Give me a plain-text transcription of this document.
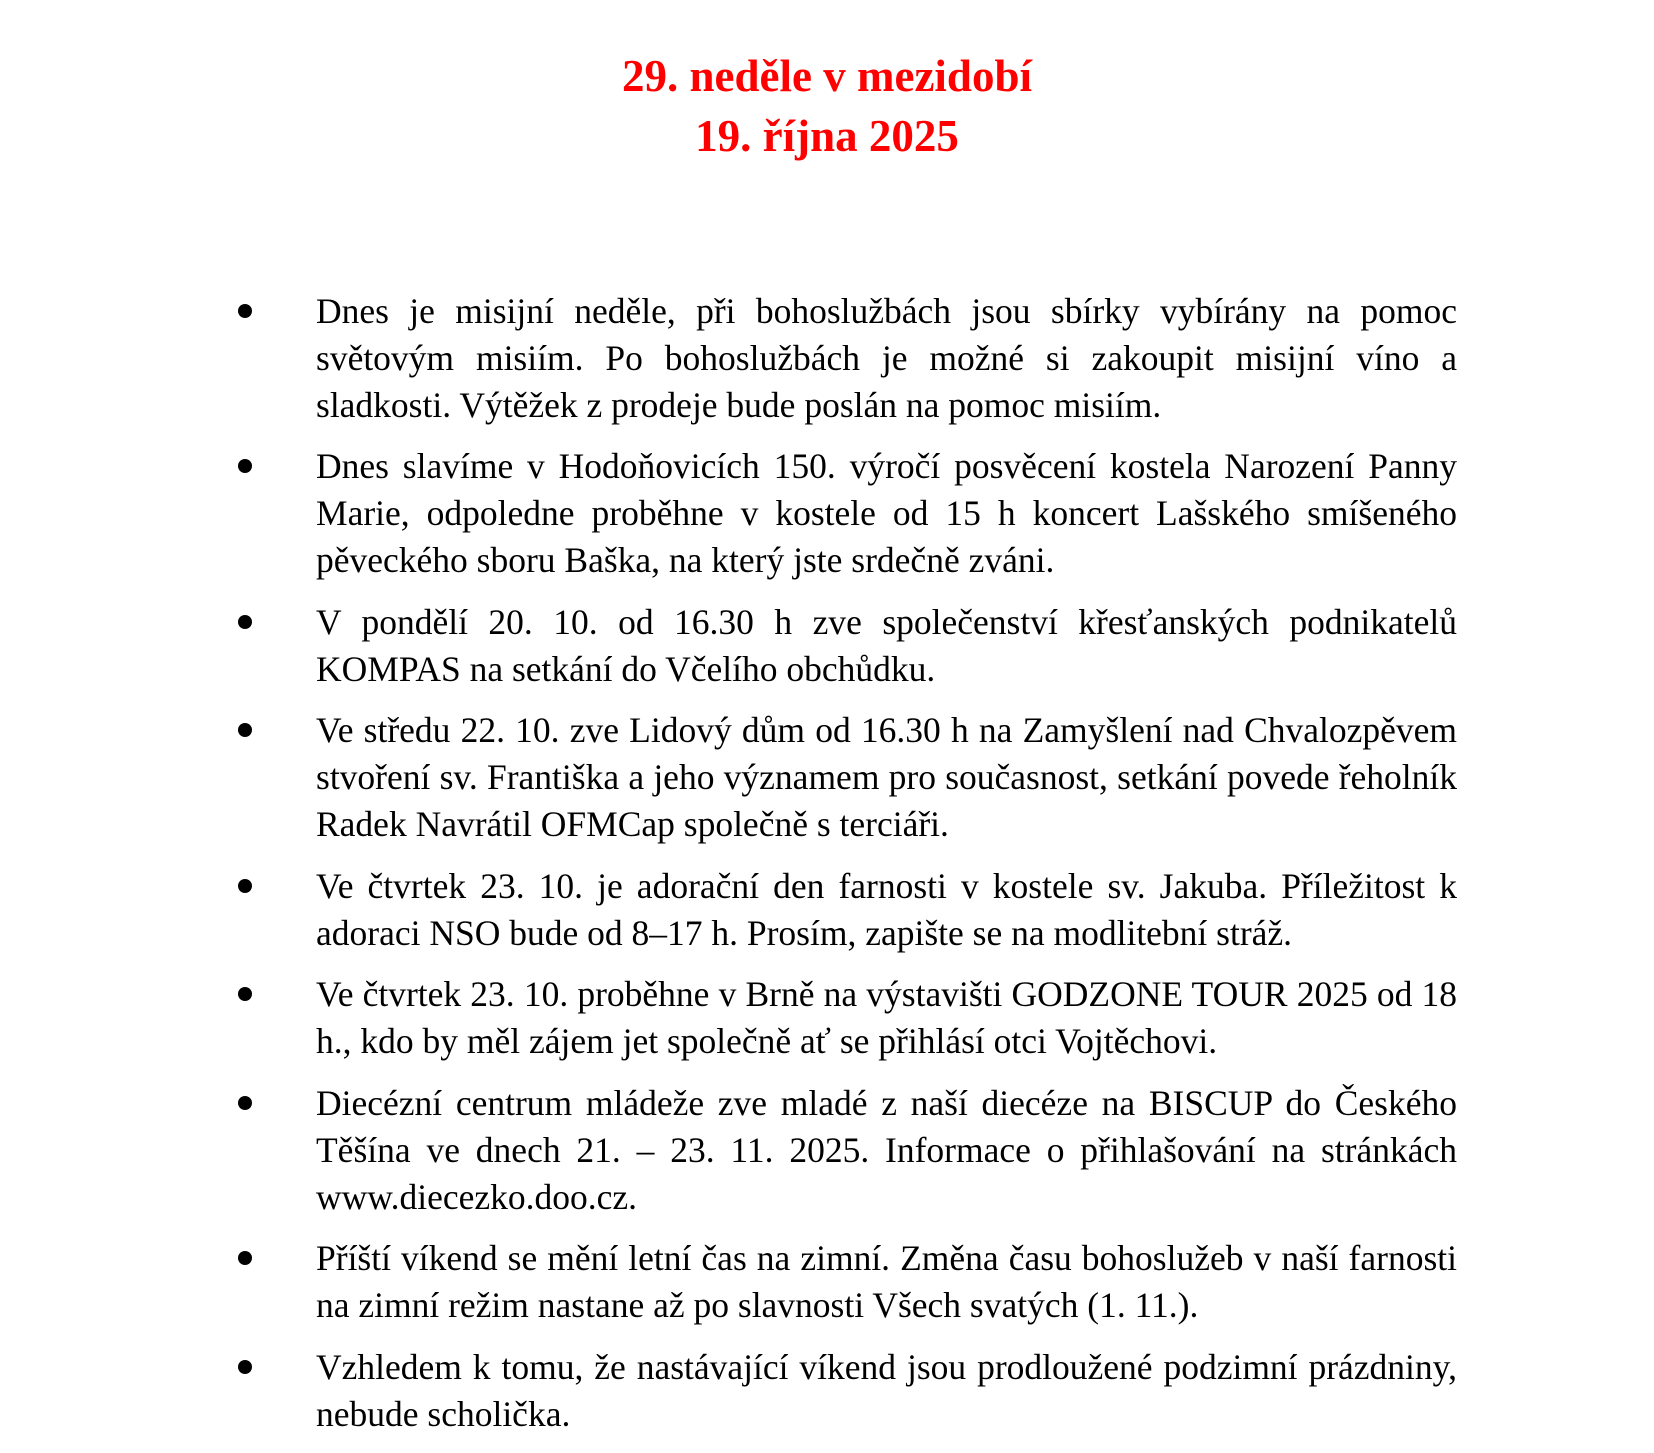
29. neděle v mezidobí
19. října 2025
Dnes je misijní neděle, při bohoslužbách jsou sbírky vybírány na pomoc světovým misiím. Po bohoslužbách je možné si zakoupit misijní víno a sladkosti. Výtěžek z prodeje bude poslán na pomoc misiím.
Dnes slavíme v Hodoňovicích 150. výročí posvěcení kostela Narození Panny Marie, odpoledne proběhne v kostele od 15 h koncert Lašského smíšeného pěveckého sboru Baška, na který jste srdečně zváni.
V pondělí 20. 10. od 16.30 h zve společenství křesťanských podnikatelů KOMPAS na setkání do Včelího obchůdku.
Ve středu 22. 10. zve Lidový dům od 16.30 h na Zamyšlení nad Chvalozpěvem stvoření sv. Františka a jeho významem pro současnost, setkání povede řeholník Radek Navrátil OFMCap společně s terciáři.
Ve čtvrtek 23. 10. je adorační den farnosti v kostele sv. Jakuba. Příležitost k adoraci NSO bude od 8–17 h. Prosím, zapište se na modlitební stráž.
Ve čtvrtek 23. 10. proběhne v Brně na výstavišti GODZONE TOUR 2025 od 18 h., kdo by měl zájem jet společně ať se přihlásí otci Vojtěchovi.
Diecézní centrum mládeže zve mladé z naší diecéze na BISCUP do Českého Těšína ve dnech 21. – 23. 11. 2025. Informace o přihlašování na stránkách www.diecezko.doo.cz.
Příští víkend se mění letní čas na zimní. Změna času bohoslužeb v naší farnosti na zimní režim nastane až po slavnosti Všech svatých (1. 11.).
Vzhledem k tomu, že nastávající víkend jsou prodloužené podzimní prázdniny, nebude scholička.
